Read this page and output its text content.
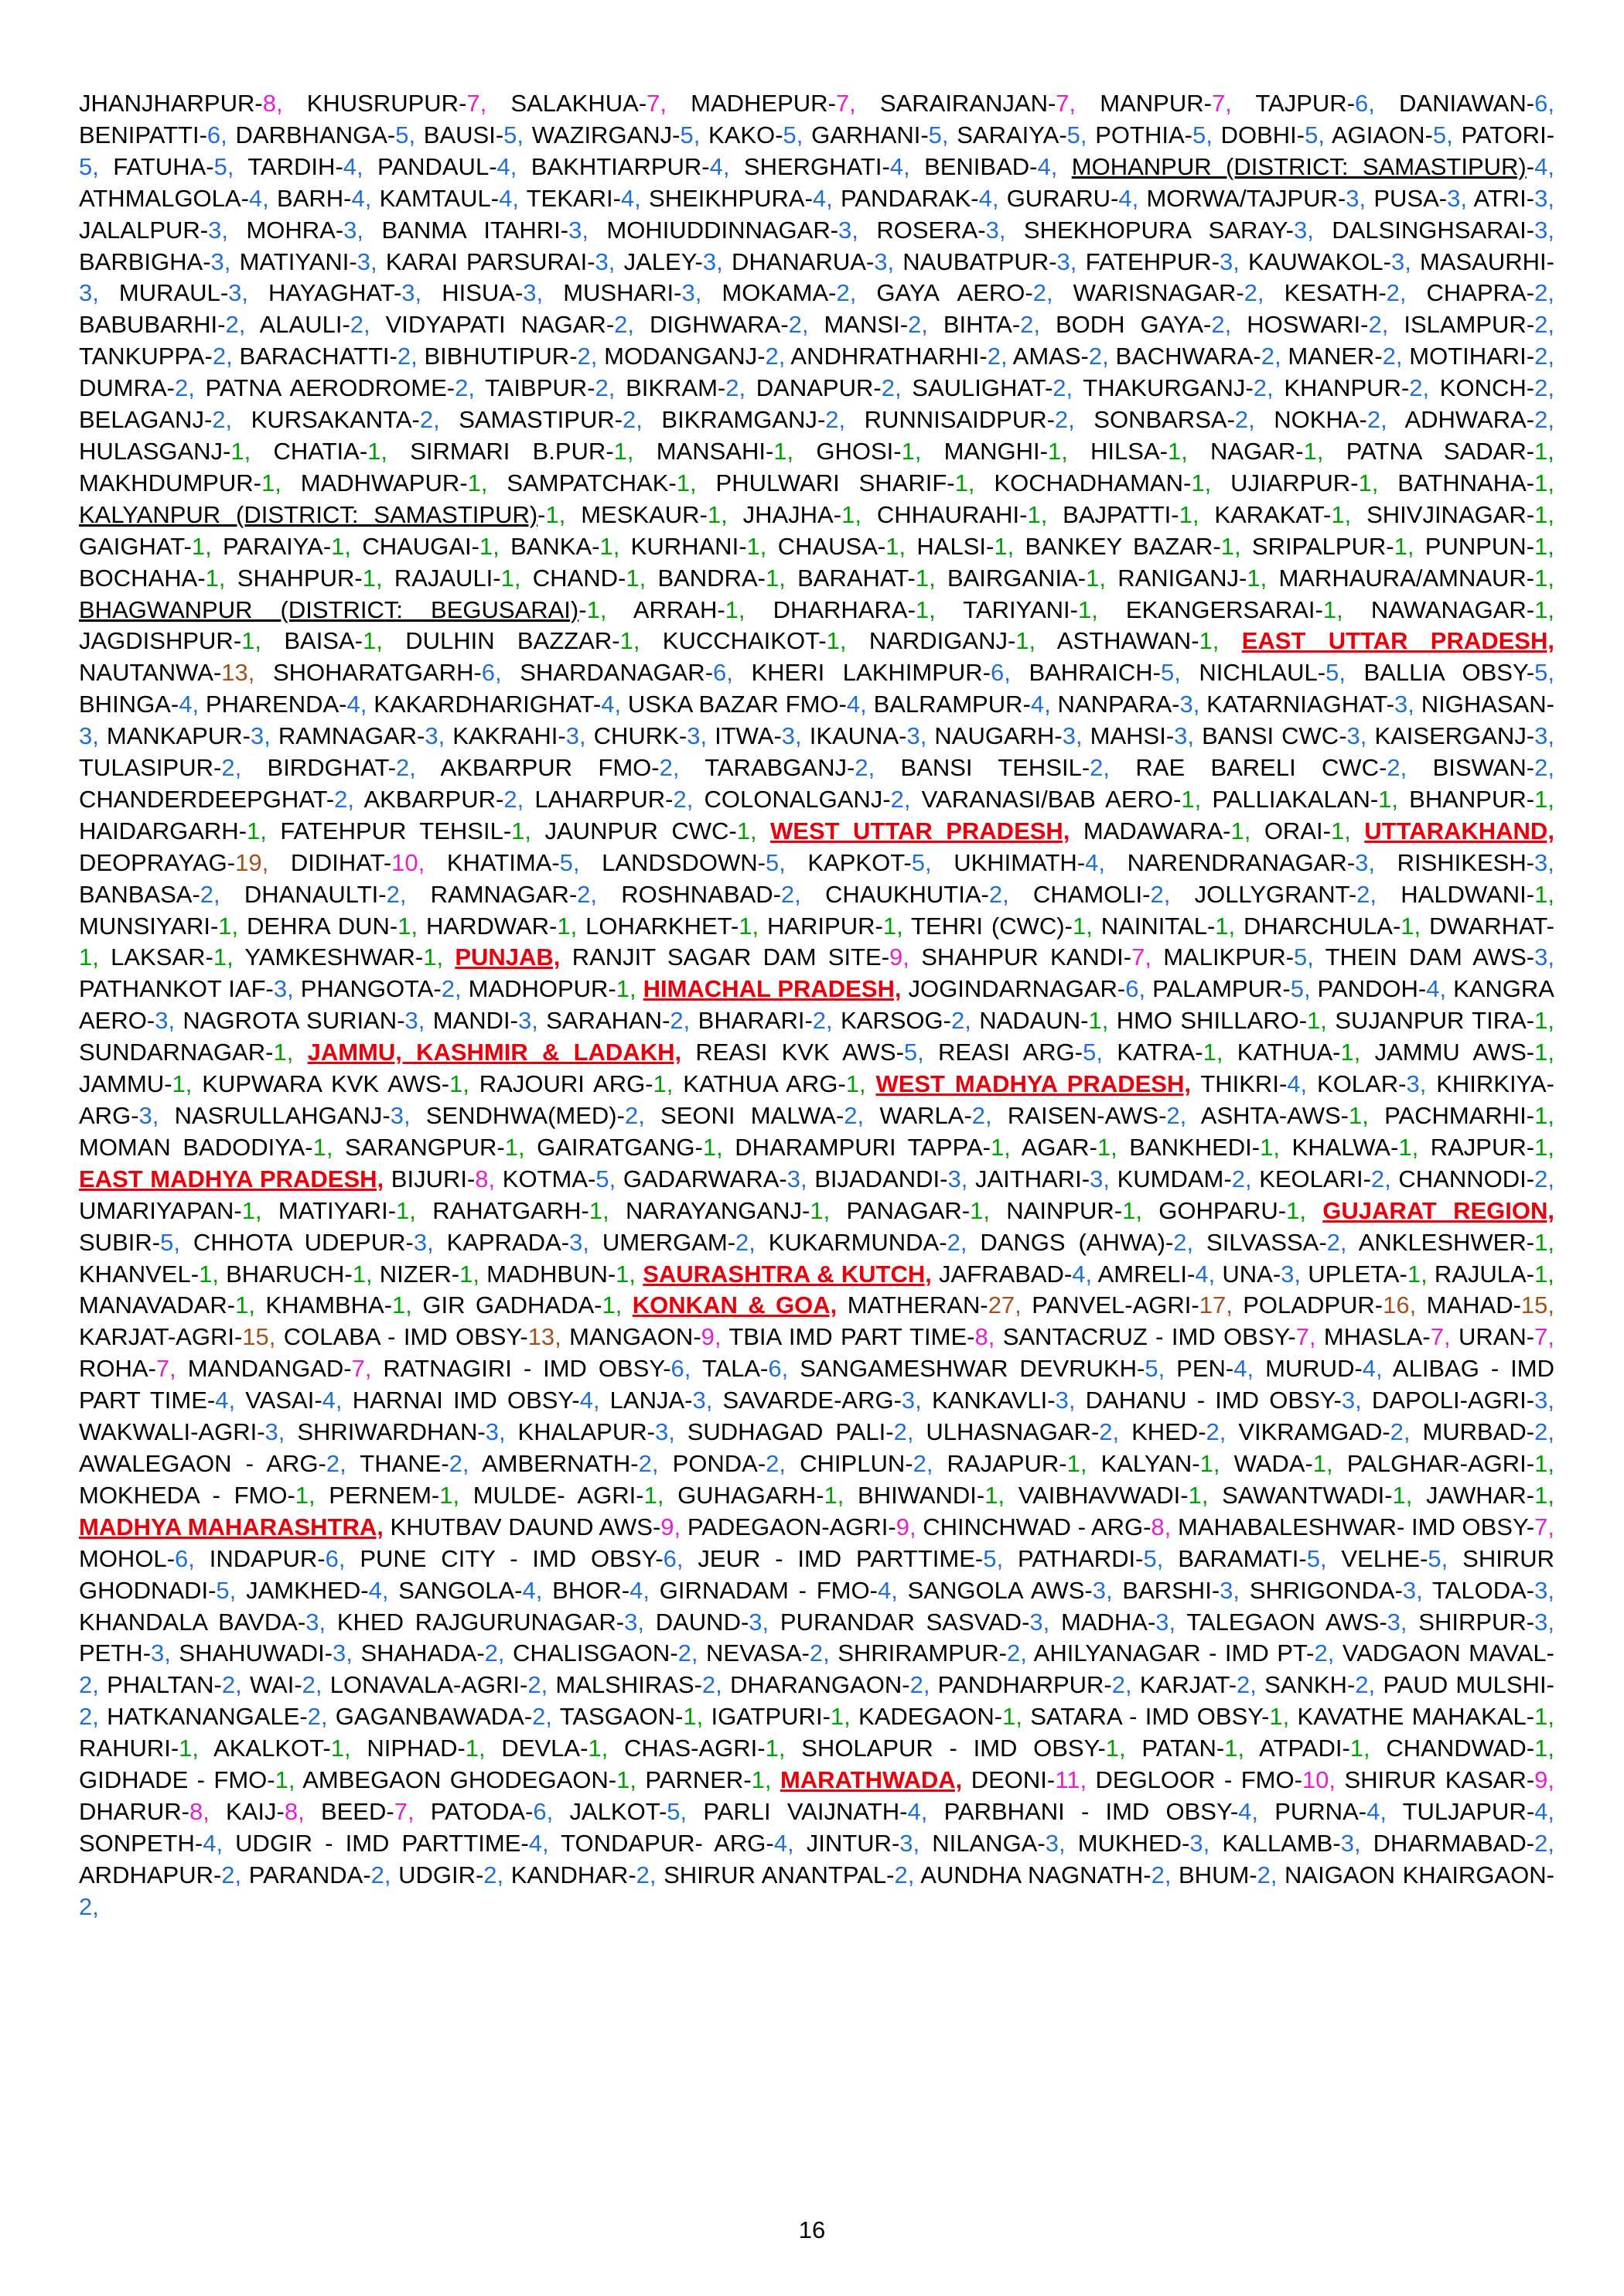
JHANJHARPUR-8, KHUSRUPUR-7, SALAKHUA-7, MADHEPUR-7, SARAIRANJAN-7, MANPUR-7, TAJPUR-6, DANIAWAN-6, BENIPATTI-6, DARBHANGA-5, BAUSI-5, WAZIRGANJ-5, KAKO-5, GARHANI-5, SARAIYA-5, POTHIA-5, DOBHI-5, AGIAON-5, PATORI-5, FATUHA-5, TARDIH-4, PANDAUL-4, BAKHTIARPUR-4, SHERGHATI-4, BENIBAD-4, MOHANPUR (DISTRICT: SAMASTIPUR)-4, ATHMALGOLA-4, BARH-4, KAMTAUL-4, TEKARI-4, SHEIKHPURA-4, PANDARAK-4, GURARU-4, MORWA/TAJPUR-3, PUSA-3, ATRI-3, JALALPUR-3, MOHRA-3, BANMA ITAHRI-3, MOHIUDDINNAGAR-3, ROSERA-3, SHEKHOPURA SARAY-3, DALSINGHSARAI-3, BARBIGHA-3, MATIYANI-3, KARAI PARSURAI-3, JALEY-3, DHANARUA-3, NAUBATPUR-3, FATEHPUR-3, KAUWAKOL-3, MASAURHI-3, MURAUL-3, HAYAGHAT-3, HISUA-3, MUSHARI-3, MOKAMA-2, GAYA AERO-2, WARISNAGAR-2, KESATH-2, CHAPRA-2, BABUBARHI-2, ALAULI-2, VIDYAPATI NAGAR-2, DIGHWARA-2, MANSI-2, BIHTA-2, BODH GAYA-2, HOSWARI-2, ISLAMPUR-2, TANKUPPA-2, BARACHATTI-2, BIBHUTIPUR-2, MODANGANJ-2, ANDHRATHARHI-2, AMAS-2, BACHWARA-2, MANER-2, MOTIHARI-2, DUMRA-2, PATNA AERODROME-2, TAIBPUR-2, BIKRAM-2, DANAPUR-2, SAULIGHAT-2, THAKURGANJ-2, KHANPUR-2, KONCH-2, BELAGANJ-2, KURSAKANTA-2, SAMASTIPUR-2, BIKRAMGANJ-2, RUNNISAIDPUR-2, SONBARSA-2, NOKHA-2, ADHWARA-2, HULASGANJ-1, CHATIA-1, SIRMARI B.PUR-1, MANSAHI-1, GHOSI-1, MANGHI-1, HILSA-1, NAGAR-1, PATNA SADAR-1, MAKHDUMPUR-1, MADHWAPUR-1, SAMPATCHAK-1, PHULWARI SHARIF-1, KOCHADHAMAN-1, UJIARPUR-1, BATHNAHA-1, KALYANPUR (DISTRICT: SAMASTIPUR)-1, MESKAUR-1, JHAJHA-1, CHHAURAHI-1, BAJPATTI-1, KARAKAT-1, SHIVJINAGAR-1, GAIGHAT-1, PARAIYA-1, CHAUGAI-1, BANKA-1, KURHANI-1, CHAUSA-1, HALSI-1, BANKEY BAZAR-1, SRIPALPUR-1, PUNPUN-1, BOCHAHA-1, SHAHPUR-1, RAJAULI-1, CHAND-1, BANDRA-1, BARAHAT-1, BAIRGANIA-1, RANIGANJ-1, MARHAURA/AMNAUR-1, BHAGWANPUR (DISTRICT: BEGUSARAI)-1, ARRAH-1, DHARHARA-1, TARIYANI-1, EKANGERSARAI-1, NAWANAGAR-1, JAGDISHPUR-1, BAISA-1, DULHIN BAZZAR-1, KUCCHAIKOT-1, NARDIGANJ-1, ASTHAWAN-1, EAST UTTAR PRADESH, NAUTANWA-13, SHOHARATGARH-6, SHARDANAGAR-6, KHERI LAKHIMPUR-6, BAHRAICH-5, NICHLAUL-5, BALLIA OBSY-5, BHINGA-4, PHARENDA-4, KAKARDHARIGHAT-4, USKA BAZAR FMO-4, BALRAMPUR-4, NANPARA-3, KATARNIAGHAT-3, NIGHASAN-3, MANKAPUR-3, RAMNAGAR-3, KAKRAHI-3, CHURK-3, ITWA-3, IKAUNA-3, NAUGARH-3, MAHSI-3, BANSI CWC-3, KAISERGANJ-3, TULASIPUR-2, BIRDGHAT-2, AKBARPUR FMO-2, TARABGANJ-2, BANSI TEHSIL-2, RAE BARELI CWC-2, BISWAN-2, CHANDERDEEPGHAT-2, AKBARPUR-2, LAHARPUR-2, COLONALGANJ-2, VARANASI/BAB AERO-1, PALLIAKALAN-1, BHANPUR-1, HAIDARGARH-1, FATEHPUR TEHSIL-1, JAUNPUR CWC-1, WEST UTTAR PRADESH, MADAWARA-1, ORAI-1, UTTARAKHAND, DEOPRAYAG-19, DIDIHAT-10, KHATIMA-5, LANDSDOWN-5, KAPKOT-5, UKHIMATH-4, NARENDRANAGAR-3, RISHIKESH-3, BANBASA-2, DHANAULTI-2, RAMNAGAR-2, ROSHNABAD-2, CHAUKHUTIA-2, CHAMOLI-2, JOLLYGRANT-2, HALDWANI-1, MUNSIYARI-1, DEHRA DUN-1, HARDWAR-1, LOHARKHET-1, HARIPUR-1, TEHRI (CWC)-1, NAINITAL-1, DHARCHULA-1, DWARHAT-1, LAKSAR-1, YAMKESHWAR-1, PUNJAB, RANJIT SAGAR DAM SITE-9, SHAHPUR KANDI-7, MALIKPUR-5, THEIN DAM AWS-3, PATHANKOT IAF-3, PHANGOTA-2, MADHOPUR-1, HIMACHAL PRADESH, JOGINDARNAGAR-6, PALAMPUR-5, PANDOH-4, KANGRA AERO-3, NAGROTA SURIAN-3, MANDI-3, SARAHAN-2, BHARARI-2, KARSOG-2, NADAUN-1, HMO SHILLARO-1, SUJANPUR TIRA-1, SUNDARNAGAR-1, JAMMU, KASHMIR & LADAKH, REASI KVK AWS-5, REASI ARG-5, KATRA-1, KATHUA-1, JAMMU AWS-1, JAMMU-1, KUPWARA KVK AWS-1, RAJOURI ARG-1, KATHUA ARG-1, WEST MADHYA PRADESH, THIKRI-4, KOLAR-3, KHIRKIYA-ARG-3, NASRULLAHGANJ-3, SENDHWA(MED)-2, SEONI MALWA-2, WARLA-2, RAISEN-AWS-2, ASHTA-AWS-1, PACHMARHI-1, MOMAN BADODIYA-1, SARANGPUR-1, GAIRATGANG-1, DHARAMPURI TAPPA-1, AGAR-1, BANKHEDI-1, KHALWA-1, RAJPUR-1, EAST MADHYA PRADESH, BIJURI-8, KOTMA-5, GADARWARA-3, BIJADANDI-3, JAITHARI-3, KUMDAM-2, KEOLARI-2, CHANNODI-2, UMARIYAPAN-1, MATIYARI-1, RAHATGARH-1, NARAYANGANJ-1, PANAGAR-1, NAINPUR-1, GOHPARU-1, GUJARAT REGION, SUBIR-5, CHHOTA UDEPUR-3, KAPRADA-3, UMERGAM-2, KUKARMUNDA-2, DANGS (AHWA)-2, SILVASSA-2, ANKLESHWER-1, KHANVEL-1, BHARUCH-1, NIZER-1, MADHBUN-1, SAURASHTRA & KUTCH, JAFRABAD-4, AMRELI-4, UNA-3, UPLETA-1, RAJULA-1, MANAVADAR-1, KHAMBHA-1, GIR GADHADA-1, KONKAN & GOA, MATHERAN-27, PANVEL-AGRI-17, POLADPUR-16, MAHAD-15, KARJAT-AGRI-15, COLABA - IMD OBSY-13, MANGAON-9, TBIA IMD PART TIME-8, SANTACRUZ - IMD OBSY-7, MHASLA-7, URAN-7, ROHA-7, MANDANGAD-7, RATNAGIRI - IMD OBSY-6, TALA-6, SANGAMESHWAR DEVRUKH-5, PEN-4, MURUD-4, ALIBAG - IMD PART TIME-4, VASAI-4, HARNAI IMD OBSY-4, LANJA-3, SAVARDE-ARG-3, KANKAVLI-3, DAHANU - IMD OBSY-3, DAPOLI-AGRI-3, WAKWALI-AGRI-3, SHRIWARDHAN-3, KHALAPUR-3, SUDHAGAD PALI-2, ULHASNAGAR-2, KHED-2, VIKRAMGAD-2, MURBAD-2, AWALEGAON - ARG-2, THANE-2, AMBERNATH-2, PONDA-2, CHIPLUN-2, RAJAPUR-1, KALYAN-1, WADA-1, PALGHAR-AGRI-1, MOKHEDA - FMO-1, PERNEM-1, MULDE- AGRI-1, GUHAGARH-1, BHIWANDI-1, VAIBHAVWADI-1, SAWANTWADI-1, JAWHAR-1, MADHYA MAHARASHTRA, KHUTBAV DAUND AWS-9, PADEGAON-AGRI-9, CHINCHWAD - ARG-8, MAHABALESHWAR- IMD OBSY-7, MOHOL-6, INDAPUR-6, PUNE CITY - IMD OBSY-6, JEUR - IMD PARTTIME-5, PATHARDI-5, BARAMATI-5, VELHE-5, SHIRUR GHODNADI-5, JAMKHED-4, SANGOLA-4, BHOR-4, GIRNADAM - FMO-4, SANGOLA AWS-3, BARSHI-3, SHRIGONDA-3, TALODA-3, KHANDALA BAVDA-3, KHED RAJGURUNAGAR-3, DAUND-3, PURANDAR SASVAD-3, MADHA-3, TALEGAON AWS-3, SHIRPUR-3, PETH-3, SHAHUWADI-3, SHAHADA-2, CHALISGAON-2, NEVASA-2, SHRIRAMPUR-2, AHILYANAGAR - IMD PT-2, VADGAON MAVAL-2, PHALTAN-2, WAI-2, LONAVALA-AGRI-2, MALSHIRAS-2, DHARANGAON-2, PANDHARPUR-2, KARJAT-2, SANKH-2, PAUD MULSHI-2, HATKANANGALE-2, GAGANBAWADA-2, TASGAON-1, IGATPURI-1, KADEGAON-1, SATARA - IMD OBSY-1, KAVATHE MAHAKAL-1, RAHURI-1, AKALKOT-1, NIPHAD-1, DEVLA-1, CHAS-AGRI-1, SHOLAPUR - IMD OBSY-1, PATAN-1, ATPADI-1, CHANDWAD-1, GIDHADE - FMO-1, AMBEGAON GHODEGAON-1, PARNER-1, MARATHWADA, DEONI-11, DEGLOOR - FMO-10, SHIRUR KASAR-9, DHARUR-8, KAIJ-8, BEED-7, PATODA-6, JALKOT-5, PARLI VAIJNATH-4, PARBHANI - IMD OBSY-4, PURNA-4, TULJAPUR-4, SONPETH-4, UDGIR - IMD PARTTIME-4, TONDAPUR- ARG-4, JINTUR-3, NILANGA-3, MUKHED-3, KALLAMB-3, DHARMABAD-2, ARDHAPUR-2, PARANDA-2, UDGIR-2, KANDHAR-2, SHIRUR ANANTPAL-2, AUNDHA NAGNATH-2, BHUM-2, NAIGAON KHAIRGAON-2,
16
